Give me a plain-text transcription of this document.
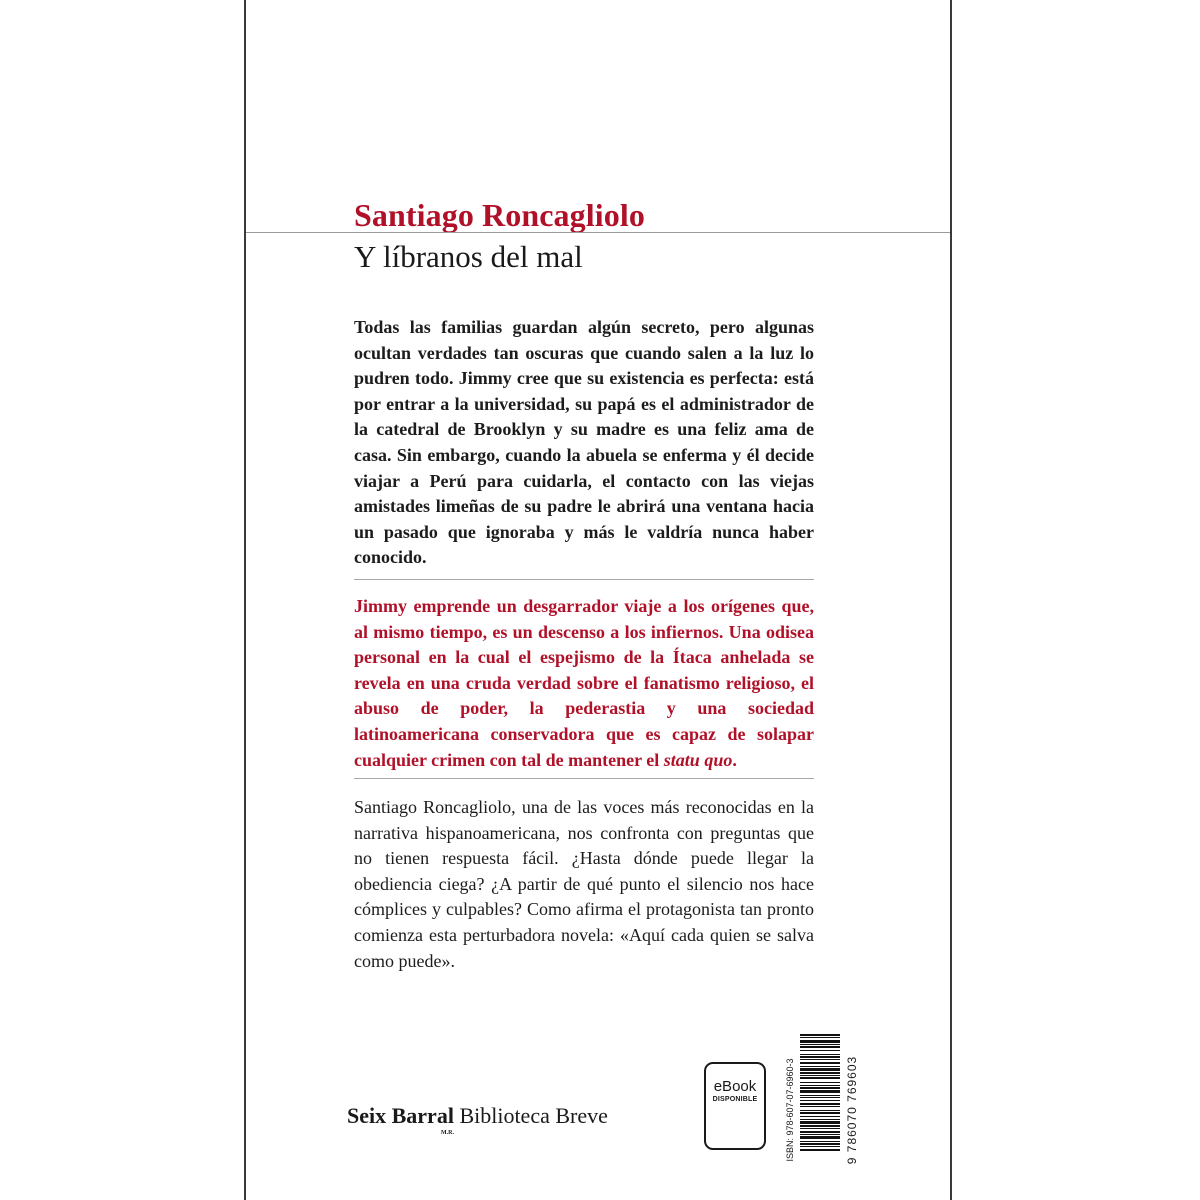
Santiago Roncagliolo
Y líbranos del mal

Todas las familias guardan algún secreto, pero algunas ocultan verdades tan oscuras que cuando salen a la luz lo pudren todo. Jimmy cree que su existencia es perfecta: está por entrar a la universidad, su papá es el administrador de la catedral de Brooklyn y su madre es una feliz ama de casa. Sin embargo, cuando la abuela se enferma y él decide viajar a Perú para cuidarla, el contacto con las viejas amistades limeñas de su padre le abrirá una ventana hacia un pasado que ignoraba y más le valdría nunca haber conocido.

Jimmy emprende un desgarrador viaje a los orígenes que, al mismo tiempo, es un descenso a los infiernos. Una odisea personal en la cual el espejismo de la Ítaca anhelada se revela en una cruda verdad sobre el fanatismo religioso, el abuso de poder, la pederastia y una sociedad latinoamericana conservadora que es capaz de solapar cualquier crimen con tal de mantener el statu quo.

Santiago Roncagliolo, una de las voces más reconocidas en la narrativa hispanoamericana, nos confronta con preguntas que no tienen respuesta fácil. ¿Hasta dónde puede llegar la obediencia ciega? ¿A partir de qué punto el silencio nos hace cómplices y culpables? Como afirma el protagonista tan pronto comienza esta perturbadora novela: «Aquí cada quien se salva como puede».

Seix Barral Biblioteca Breve
M.R.
eBook
DISPONIBLE	ISBN: 978-607-07-6960-3	9 786070 769603
